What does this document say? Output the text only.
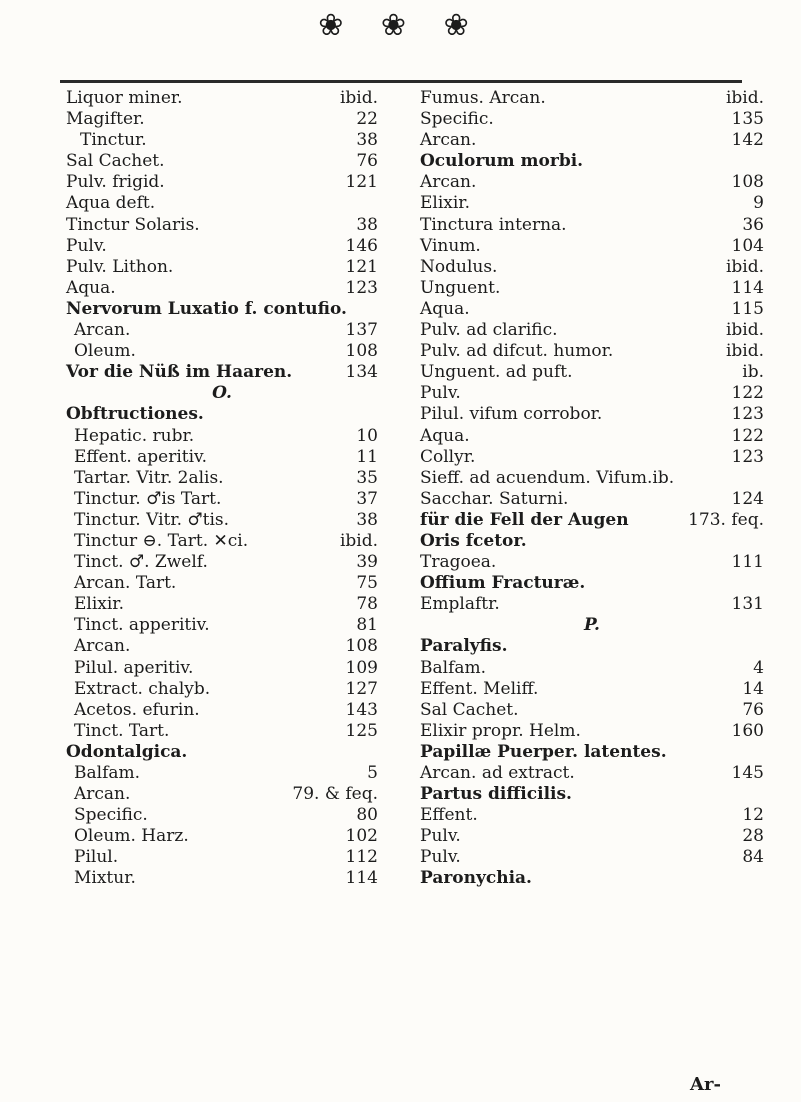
❀ ❀ ❀
Liquor miner.	ibid.
Magifter.	22
Tinctur.	38
Sal Cachet.	76
Pulv. frigid.	121
Aqua deft.
Tinctur Solaris.	38
Pulv.	146
Pulv. Lithon.	121
Aqua.	123
Nervorum Luxatio f. contufio.
Arcan.	137
Oleum.	108
Vor die Nüß im Haaren.	134
O.
Obftructiones.
Hepatic. rubr.	10
Effent. aperitiv.	11
Tartar. Vitr. 2alis.	35
Tinctur. ♂is Tart.	37
Tinctur. Vitr. ♂tis.	38
Tinctur ⊖. Tart. ✕ci.	ibid.
Tinct. ♂. Zwelf.	39
Arcan. Tart.	75
Elixir.	78
Tinct. apperitiv.	81
Arcan.	108
Pilul. aperitiv.	109
Extract. chalyb.	127
Acetos. efurin.	143
Tinct. Tart.	125
Odontalgica.
Balfam.	5
Arcan.	79. & feq.
Specific.	80
Oleum. Harz.	102
Pilul.	112
Mixtur.	114
Fumus. Arcan.	ibid.
Specific.	135
Arcan.	142
Oculorum morbi.
Arcan.	108
Elixir.	9
Tinctura interna.	36
Vinum.	104
Nodulus.	ibid.
Unguent.	114
Aqua.	115
Pulv. ad clarific.	ibid.
Pulv. ad difcut. humor.	ibid.
Unguent. ad puft.	ib.
Pulv.	122
Pilul. vifum corrobor.	123
Aqua.	122
Collyr.	123
Sieff. ad acuendum. Vifum.ib.
Sacchar. Saturni.	124
für die Fell der Augen	173. feq.
Oris fcetor.
Tragoea.	111
Offium Fracturæ.
Emplaftr.	131
P.
Paralyfis.
Balfam.	4
Effent. Meliff.	14
Sal Cachet.	76
Elixir propr. Helm.	160
Papillæ Puerper. latentes.
Arcan. ad extract.	145
Partus difficilis.
Effent.	12
Pulv.	28
Pulv.	84
Paronychia.
Ar-
